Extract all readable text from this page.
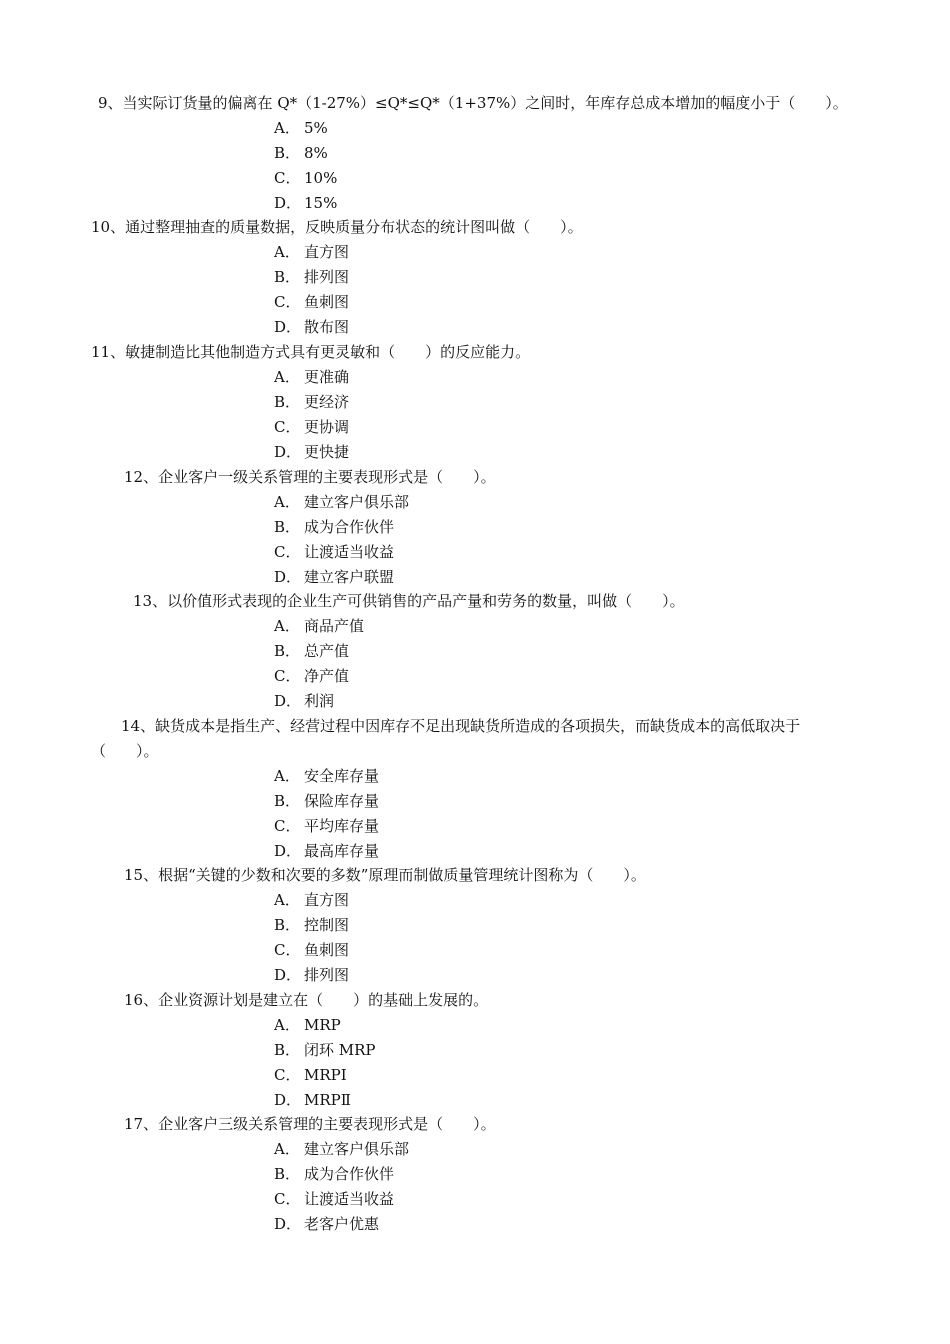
9、当实际订货量的偏离在 Q*（1-27%）≤Q*≤Q*（1+37%）之间时，年库存总成本增加的幅度小于（　　）。
A． 5%
B． 8%
C． 10%
D． 15%
10、通过整理抽查的质量数据，反映质量分布状态的统计图叫做（　　）。
A． 直方图
B． 排列图
C． 鱼刺图
D． 散布图
11、敏捷制造比其他制造方式具有更灵敏和（　　）的反应能力。
A． 更准确
B． 更经济
C． 更协调
D． 更快捷
12、企业客户一级关系管理的主要表现形式是（　　）。
A． 建立客户俱乐部
B． 成为合作伙伴
C． 让渡适当收益
D． 建立客户联盟
13、以价值形式表现的企业生产可供销售的产品产量和劳务的数量，叫做（　　）。
A． 商品产值
B． 总产值
C． 净产值
D． 利润
14、缺货成本是指生产、经营过程中因库存不足出现缺货所造成的各项损失，而缺货成本的高低取决于（　　）。
A． 安全库存量
B． 保险库存量
C． 平均库存量
D． 最高库存量
15、根据“关键的少数和次要的多数”原理而制做质量管理统计图称为（　　）。
A． 直方图
B． 控制图
C． 鱼刺图
D． 排列图
16、企业资源计划是建立在（　　）的基础上发展的。
A． MRP
B． 闭环 MRP
C． MRPⅠ
D． MRPⅡ
17、企业客户三级关系管理的主要表现形式是（　　）。
A． 建立客户俱乐部
B． 成为合作伙伴
C． 让渡适当收益
D． 老客户优惠
